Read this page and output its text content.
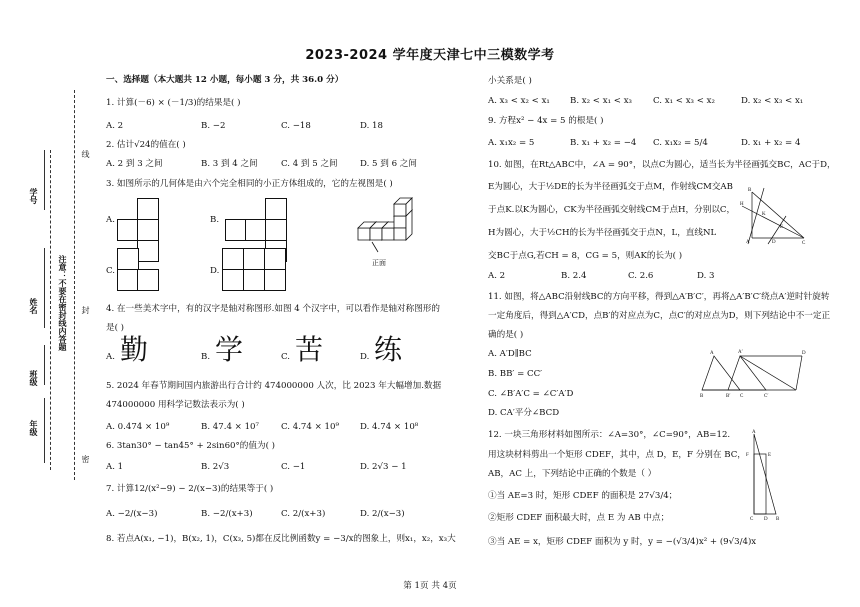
2023-2024 学年度天津七中三模数学考
线
封
密
注意：不要在密封线内答题
学号
姓名
班级
年级
一、选择题（本大题共 12 小题，每小题 3 分，共 36.0 分）
1. 计算(－6) × (－1/3)的结果是( )
A. 2	B. −2	C. −18	D. 18
2. 估计√24的值在( )
A. 2 到 3 之间	B. 3 到 4 之间	C. 4 到 5 之间	D. 5 到 6 之间
3. 如图所示的几何体是由六个完全相同的小正方体组成的，它的左视图是( )
A.	B.
C.	D.
正面
4. 在一些美术字中，有的汉字是轴对称图形.如图 4 个汉字中，可以看作是轴对称图形的
是( )
A. 勤	B. 学	C. 苦	D. 练
5. 2024 年春节期间国内旅游出行合计约 474000000 人次，比 2023 年大幅增加.数据
474000000 用科学记数法表示为( )
A. 0.474 × 10⁹	B. 47.4 × 10⁷	C. 4.74 × 10⁹ D. 4.74 × 10⁸
6. 3tan30° − tan45° + 2sin60°的值为( )
A. 1	B. 2√3	C. −1	D. 2√3 − 1
7. 计算12/(x²−9) − 2/(x−3)的结果等于( )
A. −2/(x−3)	B. −2/(x+3)	C. 2/(x+3)	D. 2/(x−3)
8. 若点A(x₁, −1)，B(x₂, 1)，C(x₃, 5)都在反比例函数y = −3/x的图象上，则x₁，x₂，x₃大
小关系是( )
A. x₃ < x₂ < x₁ B. x₂ < x₁ < x₃ C. x₁ < x₃ < x₂	D. x₂ < x₃ < x₁
9. 方程x² − 4x = 5 的根是( )
A. x₁x₂ = 5	B. x₁ + x₂ = −4 C. x₁x₂ = 5/4	D. x₁ + x₂ = 4
10. 如图，在Rt△ABC中，∠A = 90°，以点C为圆心，适当长为半径画弧交BC，AC于D，
E为圆心，大于½DE的长为半径画弧交于点M，作射线CM交AB
于点K.以K为圆心，CK为半径画弧交射线CM于点H，分别以C，
H为圆心，大于½CH的长为半径画弧交于点N，L，直线NL
交BC于点G,若CH = 8，CG = 5，则AK的长为( )
A. 2	B. 2.4	C. 2.6	D. 3
B
A	C
H
K
E
D
11. 如图，将△ABC沿射线BC的方向平移，得到△A′B′C′，再将△A′B′C′绕点A′逆时针旋转
一定角度后，得到△A′CD，点B′的对应点为C，点C′的对应点为D，则下列结论中不一定正
确的是( )
A. A′D∥BC
B. BB′ = CC′
C. ∠B′A′C = ∠C′A′D
D. CA′平分∠BCD
A	A′	D
B	B′ C	C′
12. 一块三角形材料如图所示：∠A=30°，∠C=90°，AB=12.
用这块材料剪出一个矩形 CDEF，其中，点 D，E，F 分别在 BC，
AB，AC 上，下列结论中正确的个数是（ ）
①当 AE=3 时，矩形 CDEF 的面积是 27√3/4；
②矩形 CDEF 面积最大时，点 E 为 AB 中点；
③当 AE = x，矩形 CDEF 面积为 y 时，y = −(√3/4)x² + (9√3/4)x
A
F	E
C D B
第 1页 共 4页
